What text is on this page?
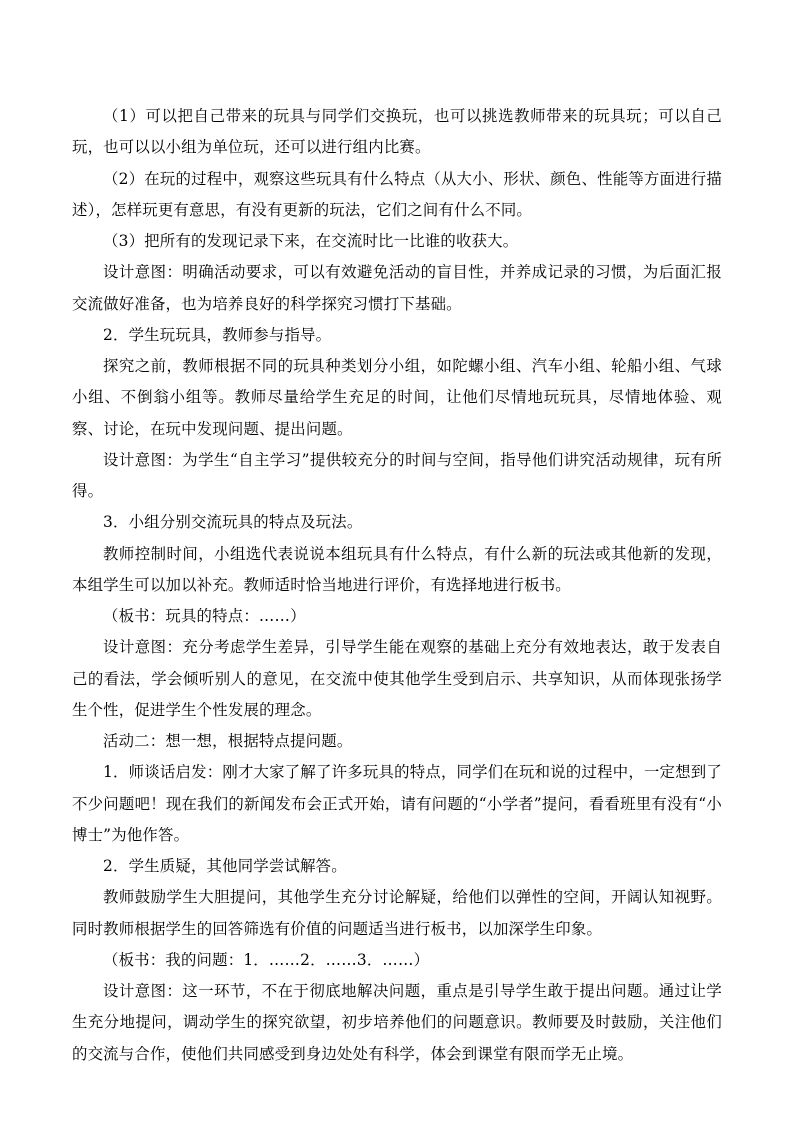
（1）可以把自己带来的玩具与同学们交换玩，也可以挑选教师带来的玩具玩；可以自己玩，也可以以小组为单位玩，还可以进行组内比赛。

（2）在玩的过程中，观察这些玩具有什么特点（从大小、形状、颜色、性能等方面进行描述），怎样玩更有意思，有没有更新的玩法，它们之间有什么不同。

（3）把所有的发现记录下来，在交流时比一比谁的收获大。

设计意图：明确活动要求，可以有效避免活动的盲目性，并养成记录的习惯，为后面汇报交流做好准备，也为培养良好的科学探究习惯打下基础。

2．学生玩玩具，教师参与指导。

探究之前，教师根据不同的玩具种类划分小组，如陀螺小组、汽车小组、轮船小组、气球小组、不倒翁小组等。教师尽量给学生充足的时间，让他们尽情地玩玩具，尽情地体验、观察、讨论，在玩中发现问题、提出问题。

设计意图：为学生“自主学习”提供较充分的时间与空间，指导他们讲究活动规律，玩有所得。

3．小组分别交流玩具的特点及玩法。

教师控制时间，小组选代表说说本组玩具有什么特点，有什么新的玩法或其他新的发现，本组学生可以加以补充。教师适时恰当地进行评价，有选择地进行板书。

（板书：玩具的特点：……）

设计意图：充分考虑学生差异，引导学生能在观察的基础上充分有效地表达，敢于发表自己的看法，学会倾听别人的意见，在交流中使其他学生受到启示、共享知识，从而体现张扬学生个性，促进学生个性发展的理念。

活动二：想一想，根据特点提问题。

1．师谈话启发：刚才大家了解了许多玩具的特点，同学们在玩和说的过程中，一定想到了不少问题吧！现在我们的新闻发布会正式开始，请有问题的“小学者”提问，看看班里有没有“小博士”为他作答。

2．学生质疑，其他同学尝试解答。

教师鼓励学生大胆提问，其他学生充分讨论解疑，给他们以弹性的空间，开阔认知视野。同时教师根据学生的回答筛选有价值的问题适当进行板书，以加深学生印象。

（板书：我的问题：1．……2．……3．……）

设计意图：这一环节，不在于彻底地解决问题，重点是引导学生敢于提出问题。通过让学生充分地提问，调动学生的探究欲望，初步培养他们的问题意识。教师要及时鼓励，关注他们的交流与合作，使他们共同感受到身边处处有科学，体会到课堂有限而学无止境。
